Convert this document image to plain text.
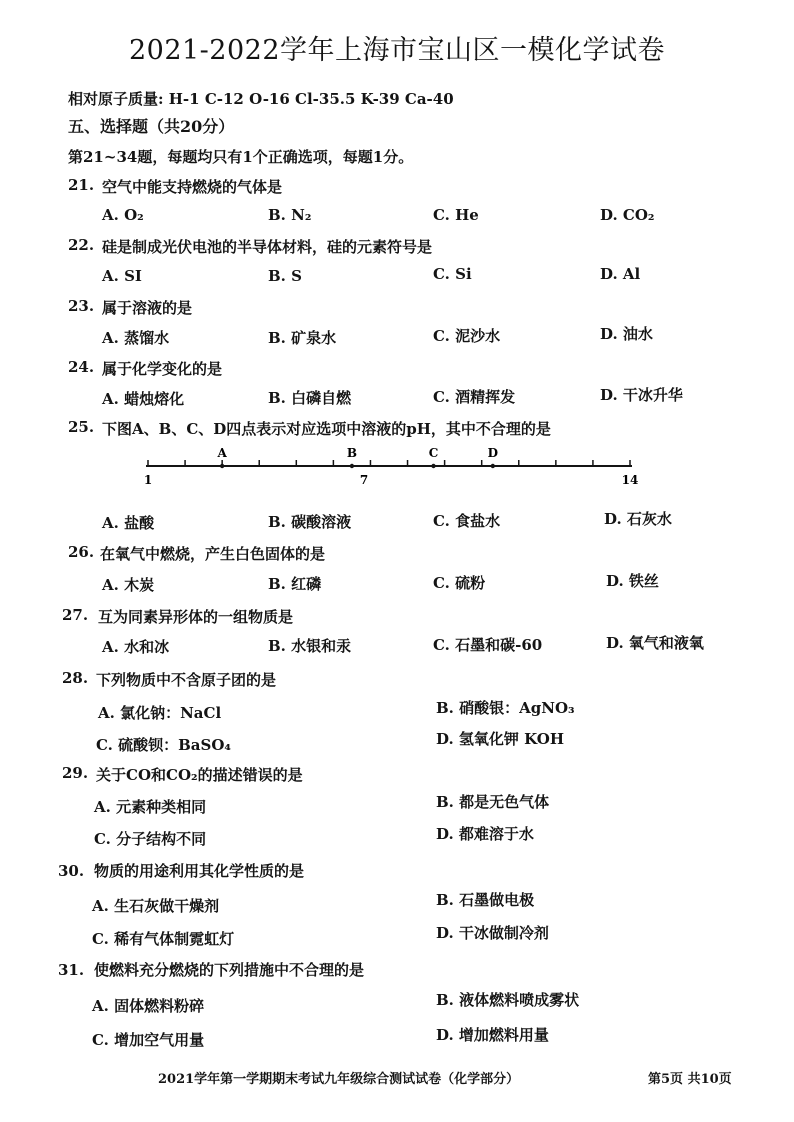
2021-2022学年上海市宝山区一模化学试卷
相对原子质量: H-1 C-12 O-16 Cl-35.5 K-39 Ca-40
五、选择题（共20分）
第21~34题，每题均只有1个正确选项，每题1分。
21. 空气中能支持燃烧的气体是
A. O₂	B. N₂	C. He	D. CO₂
22. 硅是制成光伏电池的半导体材料，硅的元素符号是
A. SI	B. S	C. Si	D. Al
23. 属于溶液的是
A. 蒸馏水	B. 矿泉水	C. 泥沙水	D. 油水
24. 属于化学变化的是
A. 蜡烛熔化	B. 白磷自燃	C. 酒精挥发	D. 干冰升华
25. 下图A、B、C、D四点表示对应选项中溶液的pH，其中不合理的是
A	B	C	D
1	7	14
A. 盐酸	B. 碳酸溶液	C. 食盐水	D. 石灰水
26. 在氧气中燃烧，产生白色固体的是
A. 木炭	B. 红磷	C. 硫粉	D. 铁丝
27. 互为同素异形体的一组物质是
A. 水和冰	B. 水银和汞	C. 石墨和碳-60	D. 氧气和液氧
28. 下列物质中不含原子团的是
A. 氯化钠：NaCl	B. 硝酸银：AgNO₃
C. 硫酸钡：BaSO₄	D. 氢氧化钾 KOH
29. 关于CO和CO₂的描述错误的是
A. 元素种类相同	B. 都是无色气体
C. 分子结构不同	D. 都难溶于水
30. 物质的用途利用其化学性质的是
A. 生石灰做干燥剂	B. 石墨做电极
C. 稀有气体制霓虹灯	D. 干冰做制冷剂
31. 使燃料充分燃烧的下列措施中不合理的是
A. 固体燃料粉碎	B. 液体燃料喷成雾状
C. 增加空气用量	D. 增加燃料用量
2021学年第一学期期末考试九年级综合测试试卷（化学部分）	第5页 共10页
